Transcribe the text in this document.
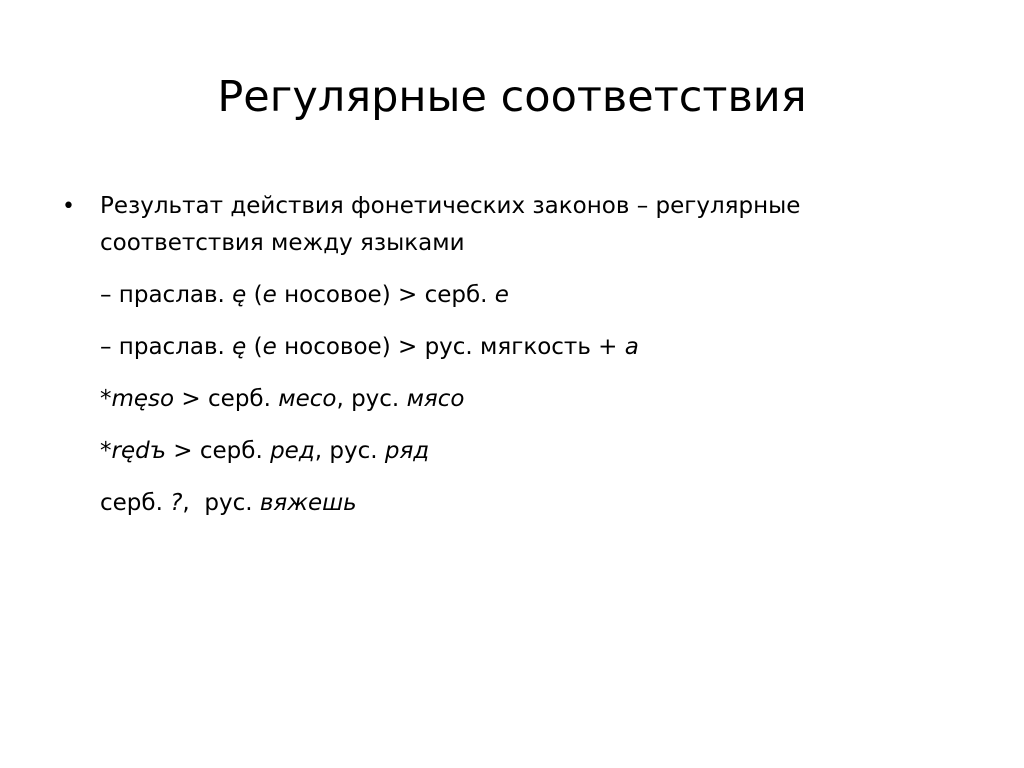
Регулярные соответствия
• Результат действия фонетических законов – регулярные соответствия между языками
– праслав. ę (e носовое) > серб. e
– праслав. ę (e носовое) > рус. мягкость + a
*męso > серб. месо, рус. мясо
*rędъ > серб. ред, рус. ряд
серб. ?,  рус. вяжешь
